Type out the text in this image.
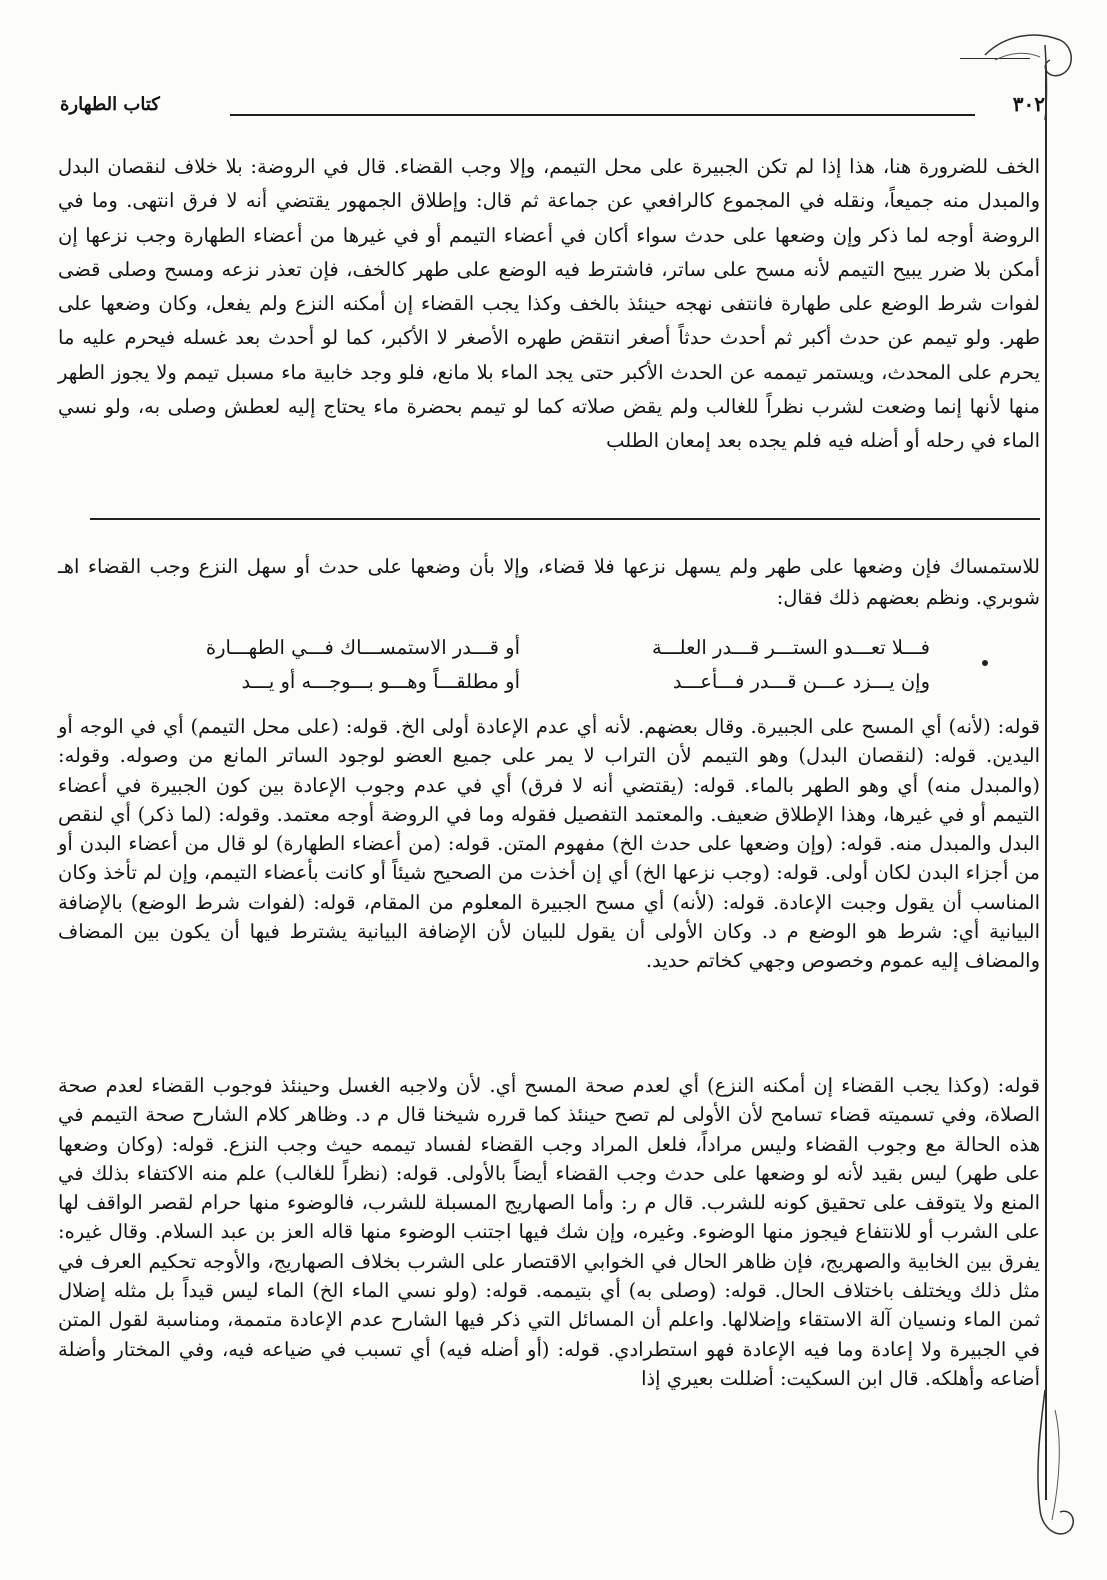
٣٠٢
كتاب الطهارة

الخف للضرورة هنا، هذا إذا لم تكن الجبيرة على محل التيمم، وإلا وجب القضاء. قال في الروضة: بلا خلاف لنقصان البدل والمبدل منه جميعاً، ونقله في المجموع كالرافعي عن جماعة ثم قال: وإطلاق الجمهور يقتضي أنه لا فرق انتهى. وما في الروضة أوجه لما ذكر وإن وضعها على حدث سواء أكان في أعضاء التيمم أو في غيرها من أعضاء الطهارة وجب نزعها إن أمكن بلا ضرر يبيح التيمم لأنه مسح على ساتر، فاشترط فيه الوضع على طهر كالخف، فإن تعذر نزعه ومسح وصلى قضى لفوات شرط الوضع على طهارة فانتفى نهجه حينئذ بالخف وكذا يجب القضاء إن أمكنه النزع ولم يفعل، وكان وضعها على طهر. ولو تيمم عن حدث أكبر ثم أحدث حدثاً أصغر انتقض طهره الأصغر لا الأكبر، كما لو أحدث بعد غسله فيحرم عليه ما يحرم على المحدث، ويستمر تيممه عن الحدث الأكبر حتى يجد الماء بلا مانع، فلو وجد خابية ماء مسبل تيمم ولا يجوز الطهر منها لأنها إنما وضعت لشرب نظراً للغالب ولم يقض صلاته كما لو تيمم بحضرة ماء يحتاج إليه لعطش وصلى به، ولو نسي الماء في رحله أو أضله فيه فلم يجده بعد إمعان الطلب

للاستمساك فإن وضعها على طهر ولم يسهل نزعها فلا قضاء، وإلا بأن وضعها على حدث أو سهل النزع وجب القضاء اهـ شوبري. ونظم بعضهم ذلك فقال:

فـــلا تعـــدو الستـــر قـــدر العلـــة
أو قـــدر الاستمســـاك فـــي الطهـــارة
وإن يـــزد عـــن قـــدر فـــأعـــد
أو مطلقـــاً وهـــو بـــوجـــه أو يـــد

قوله: (لأنه) أي المسح على الجبيرة. وقال بعضهم. لأنه أي عدم الإعادة أولى الخ. قوله: (على محل التيمم) أي في الوجه أو اليدين. قوله: (لنقصان البدل) وهو التيمم لأن التراب لا يمر على جميع العضو لوجود الساتر المانع من وصوله. وقوله: (والمبدل منه) أي وهو الطهر بالماء. قوله: (يقتضي أنه لا فرق) أي في عدم وجوب الإعادة بين كون الجبيرة في أعضاء التيمم أو في غيرها، وهذا الإطلاق ضعيف. والمعتمد التفصيل فقوله وما في الروضة أوجه معتمد. وقوله: (لما ذكر) أي لنقص البدل والمبدل منه. قوله: (وإن وضعها على حدث الخ) مفهوم المتن. قوله: (من أعضاء الطهارة) لو قال من أعضاء البدن أو من أجزاء البدن لكان أولى. قوله: (وجب نزعها الخ) أي إن أخذت من الصحيح شيئاً أو كانت بأعضاء التيمم، وإن لم تأخذ وكان المناسب أن يقول وجبت الإعادة. قوله: (لأنه) أي مسح الجبيرة المعلوم من المقام، قوله: (لفوات شرط الوضع) بالإضافة البيانية أي: شرط هو الوضع م د. وكان الأولى أن يقول للبيان لأن الإضافة البيانية يشترط فيها أن يكون بين المضاف والمضاف إليه عموم وخصوص وجهي كخاتم حديد.

قوله: (وكذا يجب القضاء إن أمكنه النزع) أي لعدم صحة المسح أي. لأن ولاجبه الغسل وحينئذ فوجوب القضاء لعدم صحة الصلاة، وفي تسميته قضاء تسامح لأن الأولى لم تصح حينئذ كما قرره شيخنا قال م د. وظاهر كلام الشارح صحة التيمم في هذه الحالة مع وجوب القضاء وليس مراداً، فلعل المراد وجب القضاء لفساد تيممه حيث وجب النزع. قوله: (وكان وضعها على طهر) ليس بقيد لأنه لو وضعها على حدث وجب القضاء أيضاً بالأولى. قوله: (نظراً للغالب) علم منه الاكتفاء بذلك في المنع ولا يتوقف على تحقيق كونه للشرب. قال م ر: وأما الصهاريج المسبلة للشرب، فالوضوء منها حرام لقصر الواقف لها على الشرب أو للانتفاع فيجوز منها الوضوء. وغيره، وإن شك فيها اجتنب الوضوء منها قاله العز بن عبد السلام. وقال غيره: يفرق بين الخابية والصهريج، فإن ظاهر الحال في الخوابي الاقتصار على الشرب بخلاف الصهاريج، والأوجه تحكيم العرف في مثل ذلك ويختلف باختلاف الحال. قوله: (وصلى به) أي بتيممه. قوله: (ولو نسي الماء الخ) الماء ليس قيداً بل مثله إضلال ثمن الماء ونسيان آلة الاستقاء وإضلالها. واعلم أن المسائل التي ذكر فيها الشارح عدم الإعادة متممة، ومناسبة لقول المتن في الجبيرة ولا إعادة وما فيه الإعادة فهو استطرادي. قوله: (أو أضله فيه) أي تسبب في ضياعه فيه، وفي المختار وأضلة أضاعه وأهلكه. قال ابن السكيت: أضللت بعيري إذا
